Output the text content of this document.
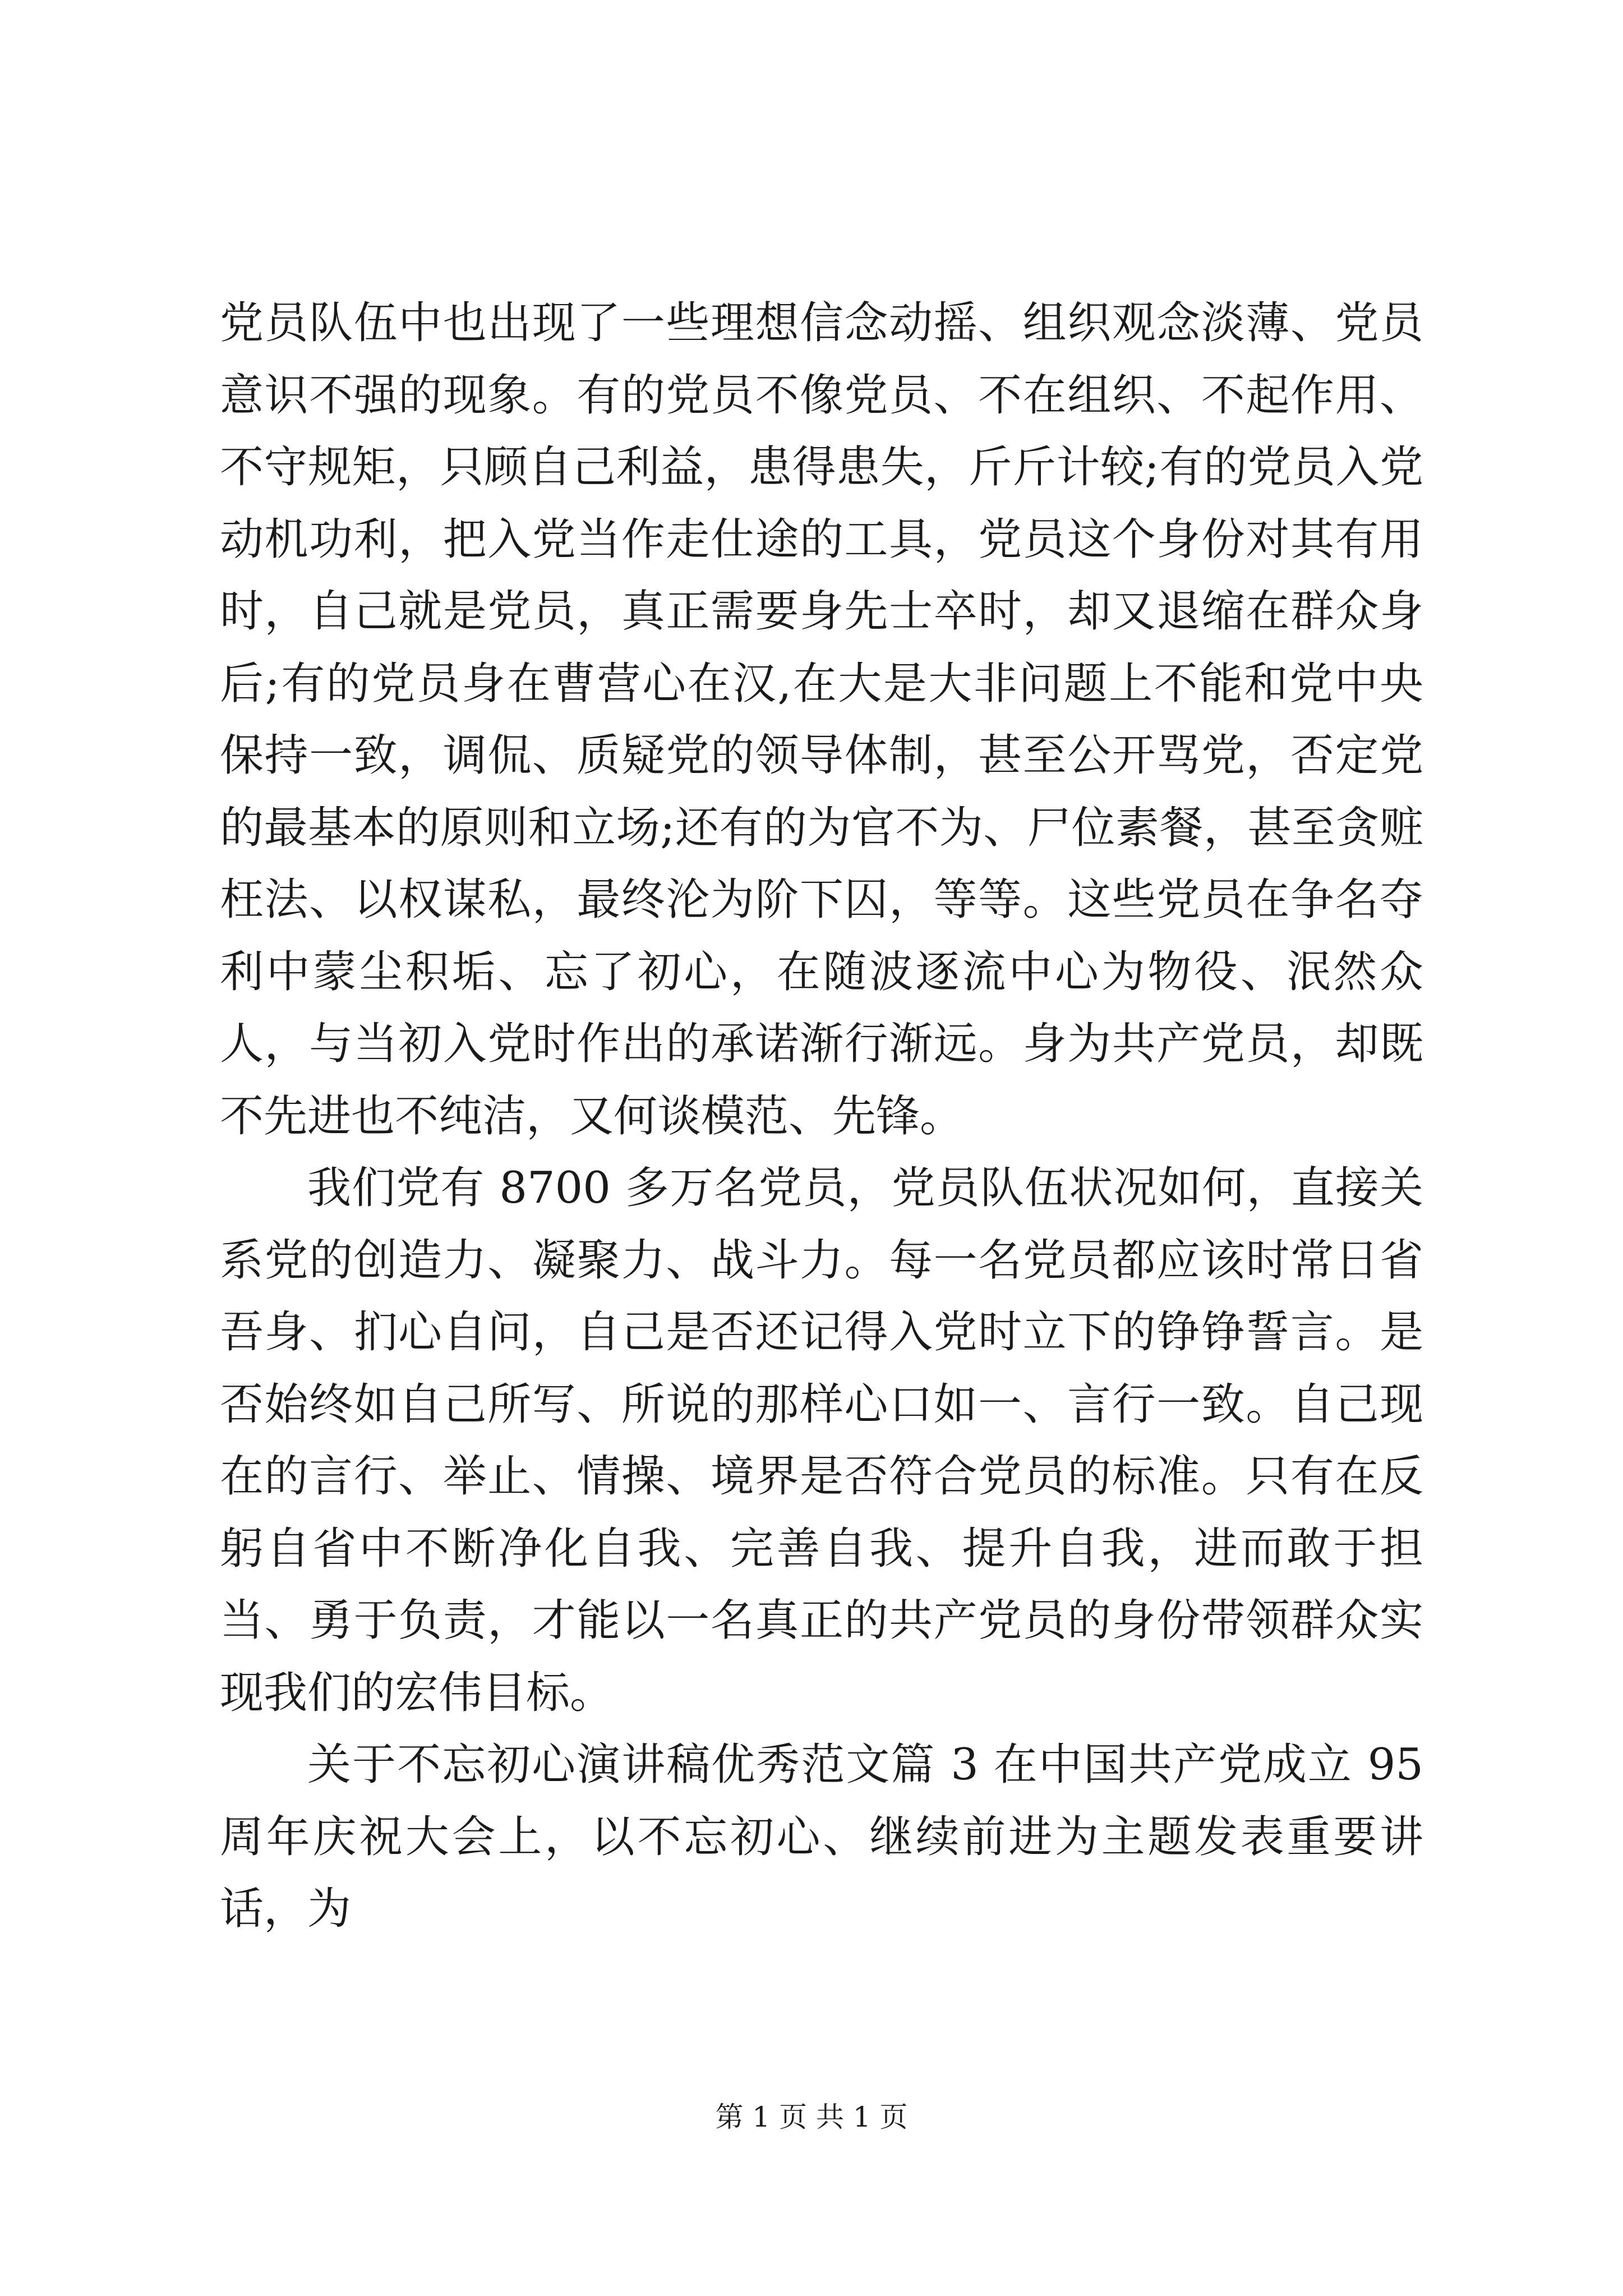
党员队伍中也出现了一些理想信念动摇、组织观念淡薄、党员意识不强的现象。有的党员不像党员、不在组织、不起作用、不守规矩，只顾自己利益，患得患失，斤斤计较;有的党员入党动机功利，把入党当作走仕途的工具，党员这个身份对其有用时，自己就是党员，真正需要身先士卒时，却又退缩在群众身后;有的党员身在曹营心在汉,在大是大非问题上不能和党中央保持一致，调侃、质疑党的领导体制，甚至公开骂党，否定党的最基本的原则和立场;还有的为官不为、尸位素餐，甚至贪赃枉法、以权谋私，最终沦为阶下囚，等等。这些党员在争名夺利中蒙尘积垢、忘了初心，在随波逐流中心为物役、泯然众人，与当初入党时作出的承诺渐行渐远。身为共产党员，却既不先进也不纯洁，又何谈模范、先锋。

我们党有 8700 多万名党员，党员队伍状况如何，直接关系党的创造力、凝聚力、战斗力。每一名党员都应该时常日省吾身、扪心自问，自己是否还记得入党时立下的铮铮誓言。是否始终如自己所写、所说的那样心口如一、言行一致。自己现在的言行、举止、情操、境界是否符合党员的标准。只有在反躬自省中不断净化自我、完善自我、提升自我，进而敢于担当、勇于负责，才能以一名真正的共产党员的身份带领群众实现我们的宏伟目标。

关于不忘初心演讲稿优秀范文篇 3 在中国共产党成立 95 周年庆祝大会上，以不忘初心、继续前进为主题发表重要讲话，为

第 1 页 共 1 页
